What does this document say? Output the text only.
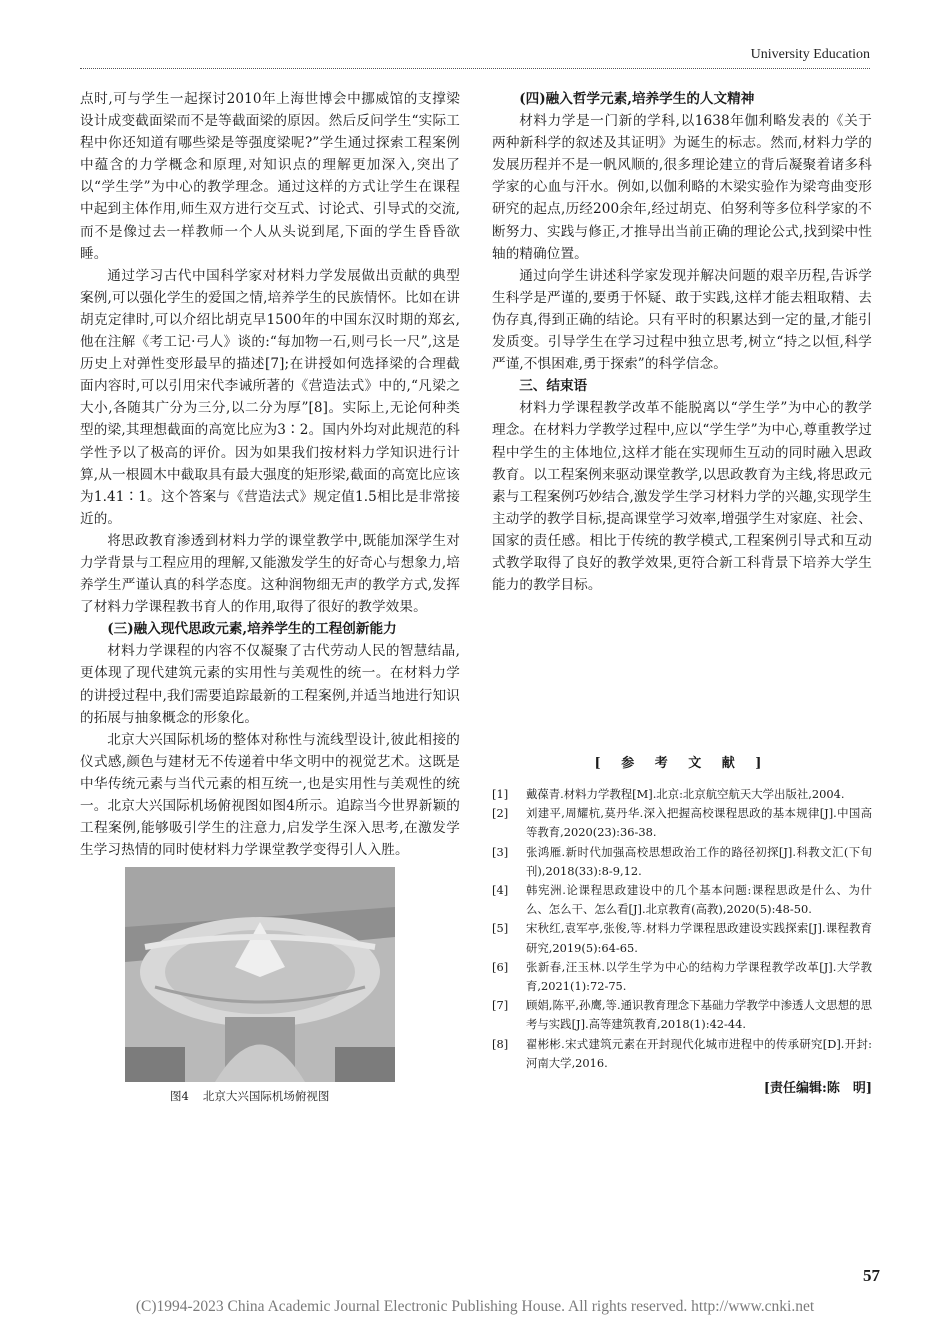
University Education

点时,可与学生一起探讨2010年上海世博会中挪威馆的支撑梁设计成变截面梁而不是等截面梁的原因。然后反问学生“实际工程中你还知道有哪些梁是等强度梁呢?”学生通过探索工程案例中蕴含的力学概念和原理,对知识点的理解更加深入,突出了以“学生学”为中心的教学理念。通过这样的方式让学生在课程中起到主体作用,师生双方进行交互式、讨论式、引导式的交流,而不是像过去一样教师一个人从头说到尾,下面的学生昏昏欲睡。

通过学习古代中国科学家对材料力学发展做出贡献的典型案例,可以强化学生的爱国之情,培养学生的民族情怀。比如在讲胡克定律时,可以介绍比胡克早1500年的中国东汉时期的郑玄,他在注解《考工记·弓人》谈的:“每加物一石,则弓长一尺”,这是历史上对弹性变形最早的描述[7];在讲授如何选择梁的合理截面内容时,可以引用宋代李诫所著的《营造法式》中的,“凡梁之大小,各随其广分为三分,以二分为厚”[8]。实际上,无论何种类型的梁,其理想截面的高宽比应为3∶2。国内外均对此规范的科学性予以了极高的评价。因为如果我们按材料力学知识进行计算,从一根圆木中截取具有最大强度的矩形梁,截面的高宽比应该为1.41∶1。这个答案与《营造法式》规定值1.5相比是非常接近的。

将思政教育渗透到材料力学的课堂教学中,既能加深学生对力学背景与工程应用的理解,又能激发学生的好奇心与想象力,培养学生严谨认真的科学态度。这种润物细无声的教学方式,发挥了材料力学课程教书育人的作用,取得了很好的教学效果。

(三)融入现代思政元素,培养学生的工程创新能力

材料力学课程的内容不仅凝聚了古代劳动人民的智慧结晶,更体现了现代建筑元素的实用性与美观性的统一。在材料力学的讲授过程中,我们需要追踪最新的工程案例,并适当地进行知识的拓展与抽象概念的形象化。

北京大兴国际机场的整体对称性与流线型设计,彼此相接的仪式感,颜色与建材无不传递着中华文明中的视觉艺术。这既是中华传统元素与当代元素的相互统一,也是实用性与美观性的统一。北京大兴国际机场俯视图如图4所示。追踪当今世界新颖的工程案例,能够吸引学生的注意力,启发学生深入思考,在激发学生学习热情的同时使材料力学课堂教学变得引人入胜。

图4 北京大兴国际机场俯视图
(四)融入哲学元素,培养学生的人文精神

材料力学是一门新的学科,以1638年伽利略发表的《关于两种新科学的叙述及其证明》为诞生的标志。然而,材料力学的发展历程并不是一帆风顺的,很多理论建立的背后凝聚着诸多科学家的心血与汗水。例如,以伽利略的木梁实验作为梁弯曲变形研究的起点,历经200余年,经过胡克、伯努利等多位科学家的不断努力、实践与修正,才推导出当前正确的理论公式,找到梁中性轴的精确位置。

通过向学生讲述科学家发现并解决问题的艰辛历程,告诉学生科学是严谨的,要勇于怀疑、敢于实践,这样才能去粗取精、去伪存真,得到正确的结论。只有平时的积累达到一定的量,才能引发质变。引导学生在学习过程中独立思考,树立“持之以恒,科学严谨,不惧困难,勇于探索”的科学信念。

三、结束语

材料力学课程教学改革不能脱离以“学生学”为中心的教学理念。在材料力学教学过程中,应以“学生学”为中心,尊重教学过程中学生的主体地位,这样才能在实现师生互动的同时融入思政教育。以工程案例来驱动课堂教学,以思政教育为主线,将思政元素与工程案例巧妙结合,激发学生学习材料力学的兴趣,实现学生主动学的教学目标,提高课堂学习效率,增强学生对家庭、社会、国家的责任感。相比于传统的教学模式,工程案例引导式和互动式教学取得了良好的教学效果,更符合新工科背景下培养大学生能力的教学目标。

[ 参 考 文 献 ]
[1]	戴葆青.材料力学教程[M].北京:北京航空航天大学出版社,2004.
[2]	刘建平,周耀杭,莫丹华.深入把握高校课程思政的基本规律[J].中国高等教育,2020(23):36-38.
[3]	张鸿雁.新时代加强高校思想政治工作的路径初探[J].科教文汇(下旬刊),2018(33):8-9,12.
[4]	韩宪洲.论课程思政建设中的几个基本问题:课程思政是什么、为什么、怎么干、怎么看[J].北京教育(高教),2020(5):48-50.
[5]	宋秋红,袁军亭,张俊,等.材料力学课程思政建设实践探索[J].课程教育研究,2019(5):64-65.
[6]	张新春,汪玉林.以学生学为中心的结构力学课程教学改革[J].大学教育,2021(1):72-75.
[7]	顾娟,陈平,孙鹰,等.通识教育理念下基础力学教学中渗透人文思想的思考与实践[J].高等建筑教育,2018(1):42-44.
[8]	翟彬彬.宋式建筑元素在开封现代化城市进程中的传承研究[D].开封:河南大学,2016.
[责任编辑:陈　明]
57
(C)1994-2023 China Academic Journal Electronic Publishing House. All rights reserved. http://www.cnki.net
